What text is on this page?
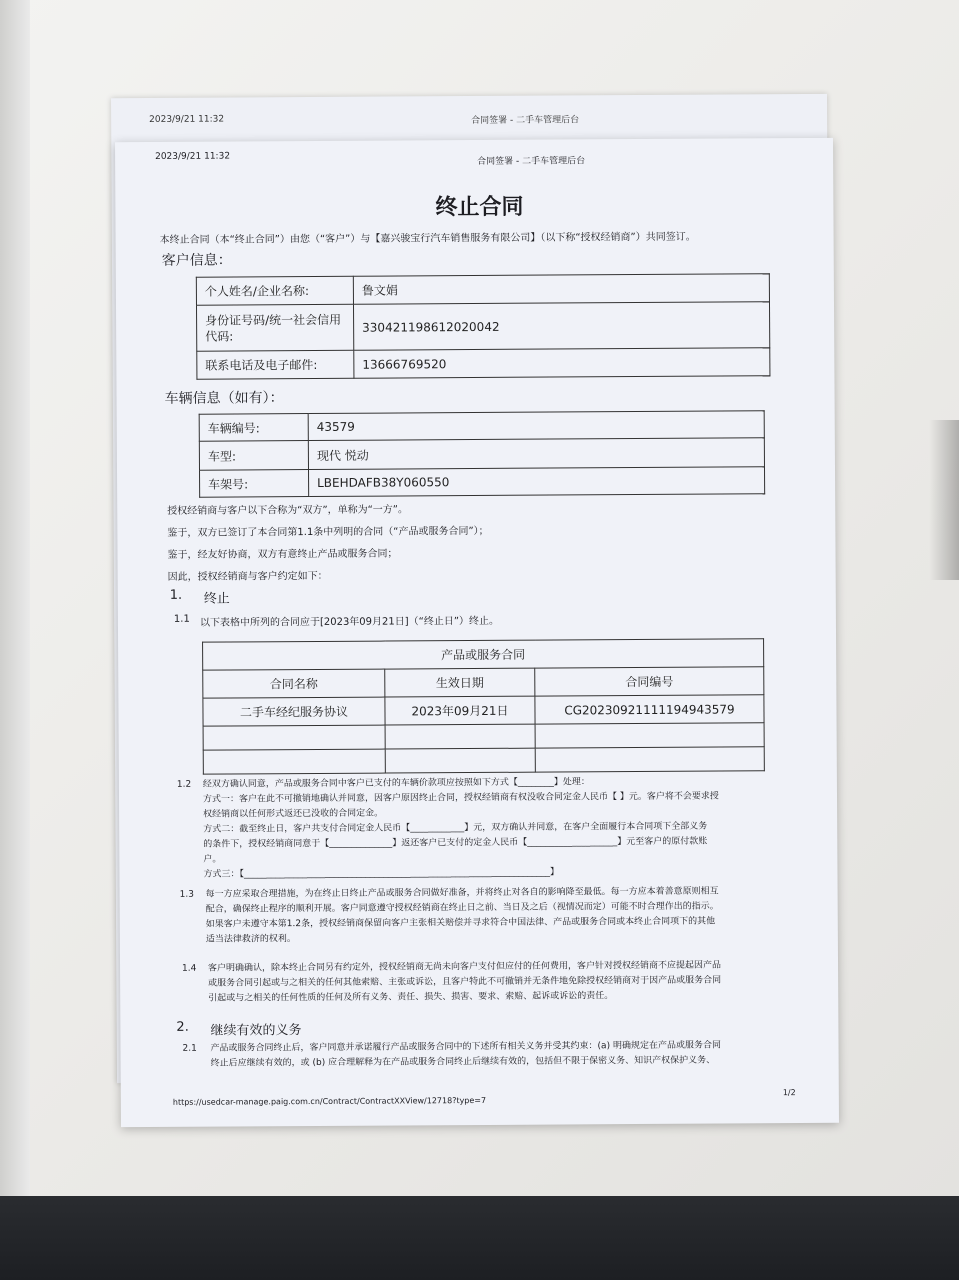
2023/9/21 11:32	合同签署 - 二手车管理后台
2023/9/21 11:32	合同签署 - 二手车管理后台
终止合同
本终止合同（本“终止合同”）由您（“客户”）与【嘉兴骏宝行汽车销售服务有限公司】（以下称“授权经销商”）共同签订。
客户信息：
个人姓名/企业名称:	鲁文娟
身份证号码/统一社会信用代码:	330421198612020042
联系电话及电子邮件:	13666769520
车辆信息（如有）：
车辆编号:	43579
车型:	现代 悦动
车架号:	LBEHDAFB38Y060550
授权经销商与客户以下合称为“双方”，单称为“一方”。
鉴于，双方已签订了本合同第1.1条中列明的合同（“产品或服务合同”）；
鉴于，经友好协商，双方有意终止产品或服务合同；
因此，授权经销商与客户约定如下：
1. 终止
1.1 以下表格中所列的合同应于[2023年09月21日]（“终止日”）终止。
产品或服务合同		
合同名称	生效日期	合同编号
二手车经纪服务协议	2023年09月21日	CG20230921111194943579

1.2 经双方确认同意，产品或服务合同中客户已支付的车辆价款项应按照如下方式【________】处理：
方式一：客户在此不可撤销地确认并同意，因客户原因终止合同，授权经销商有权没收合同定金人民币【 】元。客户将不会要求授
权经销商以任何形式返还已没收的合同定金。
方式二：截至终止日，客户共支付合同定金人民币【____________】元，双方确认并同意，在客户全面履行本合同项下全部义务
的条件下，授权经销商同意于【______________】返还客户已支付的定金人民币【____________________】元至客户的原付款账
户。
方式三：【____________________________________________________________________】
1.3 每一方应采取合理措施，为在终止日终止产品或服务合同做好准备，并将终止对各自的影响降至最低。每一方应本着善意原则相互
配合，确保终止程序的顺利开展。客户同意遵守授权经销商在终止日之前、当日及之后（视情况而定）可能不时合理作出的指示。
如果客户未遵守本第1.2条，授权经销商保留向客户主张相关赔偿并寻求符合中国法律、产品或服务合同或本终止合同项下的其他
适当法律救济的权利。
1.4 客户明确确认，除本终止合同另有约定外，授权经销商无尚未向客户支付但应付的任何费用，客户针对授权经销商不应提起因产品
或服务合同引起或与之相关的任何其他索赔、主张或诉讼，且客户特此不可撤销并无条件地免除授权经销商对于因产品或服务合同
引起或与之相关的任何性质的任何及所有义务、责任、损失、损害、要求、索赔、起诉或诉讼的责任。
2. 继续有效的义务
2.1 产品或服务合同终止后，客户同意并承诺履行产品或服务合同中的下述所有相关义务并受其约束：(a) 明确规定在产品或服务合同
终止后应继续有效的，或 (b) 应合理解释为在产品或服务合同终止后继续有效的，包括但不限于保密义务、知识产权保护义务、
https://usedcar-manage.paig.com.cn/Contract/ContractXXView/12718?type=7
1/2
